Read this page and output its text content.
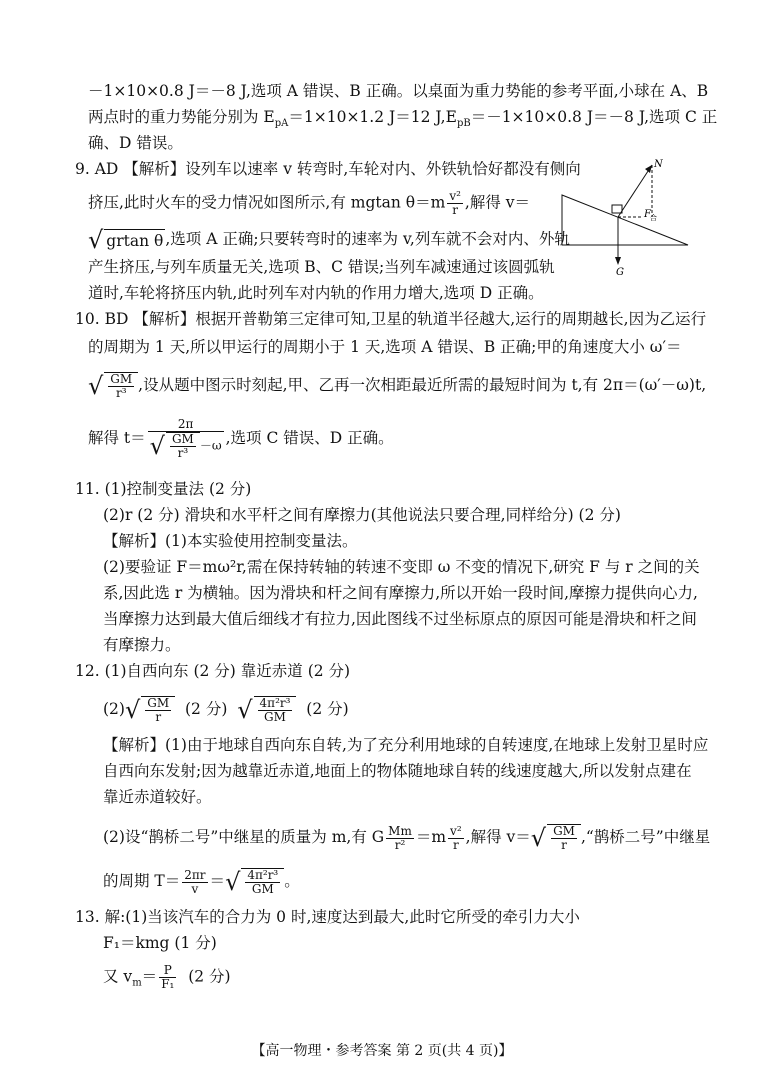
－1×10×0.8 J＝－8 J,选项 A 错误、B 正确。以桌面为重力势能的参考平面,小球在 A、B
两点时的重力势能分别为 $E_{pA}=1\times 10\times 1.2$ J＝12 $J,E_{pB}=-1\times 10\times 0.8$ J＝－8 J,选项 C 正
确、D 错误。
9. AD 【解析】设列车以速率 v 转弯时,车轮对内、外铁轨恰好都没有侧向
挤压,此时火车的受力情况如图所示,有 mgtan $\theta=m \frac{\text{v²}}{r}$ ,解得 v＝
√ grtan θ ,选项 A 正确;只要转弯时的速率为 v,列车就不会对内、外轨
产生挤压,与列车质量无关,选项 B、C 错误;当列车减速通过该圆弧轨
道时,车轮将挤压内轨,此时列车对内轨的作用力增大,选项 D 正确。
N
G
F 合
10. BD 【解析】根据开普勒第三定律可知,卫星的轨道半径越大,运行的周期越长,因为乙运行
的周期为 1 天,所以甲运行的周期小于 1 天,选项 A 错误、B 正确;甲的角速度大小 ω′＝
√ $\frac{GM}{\text{r³}}$ ,设从题中图示时刻起,甲、乙再一次相距最近所需的最短时间为 t,有 2π＝(ω′－ω)t,
解得 $t= \frac{2\pi}{√ \frac{GM}{\text{r³}} -\omega}$ ,选项 C 错误、D 正确。
11. (1)控制变量法 (2 分)
(2)r (2 分) 滑块和水平杆之间有摩擦力(其他说法只要合理,同样给分) (2 分)
【解析】(1)本实验使用控制变量法。
(2)要验证 F＝mω²r,需在保持转轴的转速不变即 ω 不变的情况下,研究 F 与 r 之间的关
系,因此选 r 为横轴。因为滑块和杆之间有摩擦力,所以开始一段时间,摩擦力提供向心力,
当摩擦力达到最大值后细线才有拉力,因此图线不过坐标原点的原因可能是滑块和杆之间
有摩擦力。
12. (1)自西向东 (2 分) 靠近赤道 (2 分)
$(2)√ \frac{GM}{r} (2$ 分) √ $\frac{\text{4π²r³}}{GM} (2$ 分)
【解析】(1)由于地球自西向东自转,为了充分利用地球的自转速度,在地球上发射卫星时应
自西向东发射;因为越靠近赤道,地面上的物体随地球自转的线速度越大,所以发射点建在
靠近赤道较好。
(2)设“鹊桥二号”中继星的质量为 m,有 G $\frac{Mm}{\text{r²}} =m \frac{\text{v²}}{r}$ ,解得 $v=√ \frac{GM}{r}$ ,“鹊桥二号”中继星
的周期 $T= \frac{2\pi r}{v}$ ＝√ $\frac{\text{4π²r³}}{GM}$ 。
13. 解:(1)当该汽车的合力为 0 时,速度达到最大,此时它所受的牵引力大小
F₁＝kmg (1 分)
又 $v_m= \frac{P}{\text{F₁}} (2$ 分)
【高一物理・参考答案 第 2 页(共 4 页)】
